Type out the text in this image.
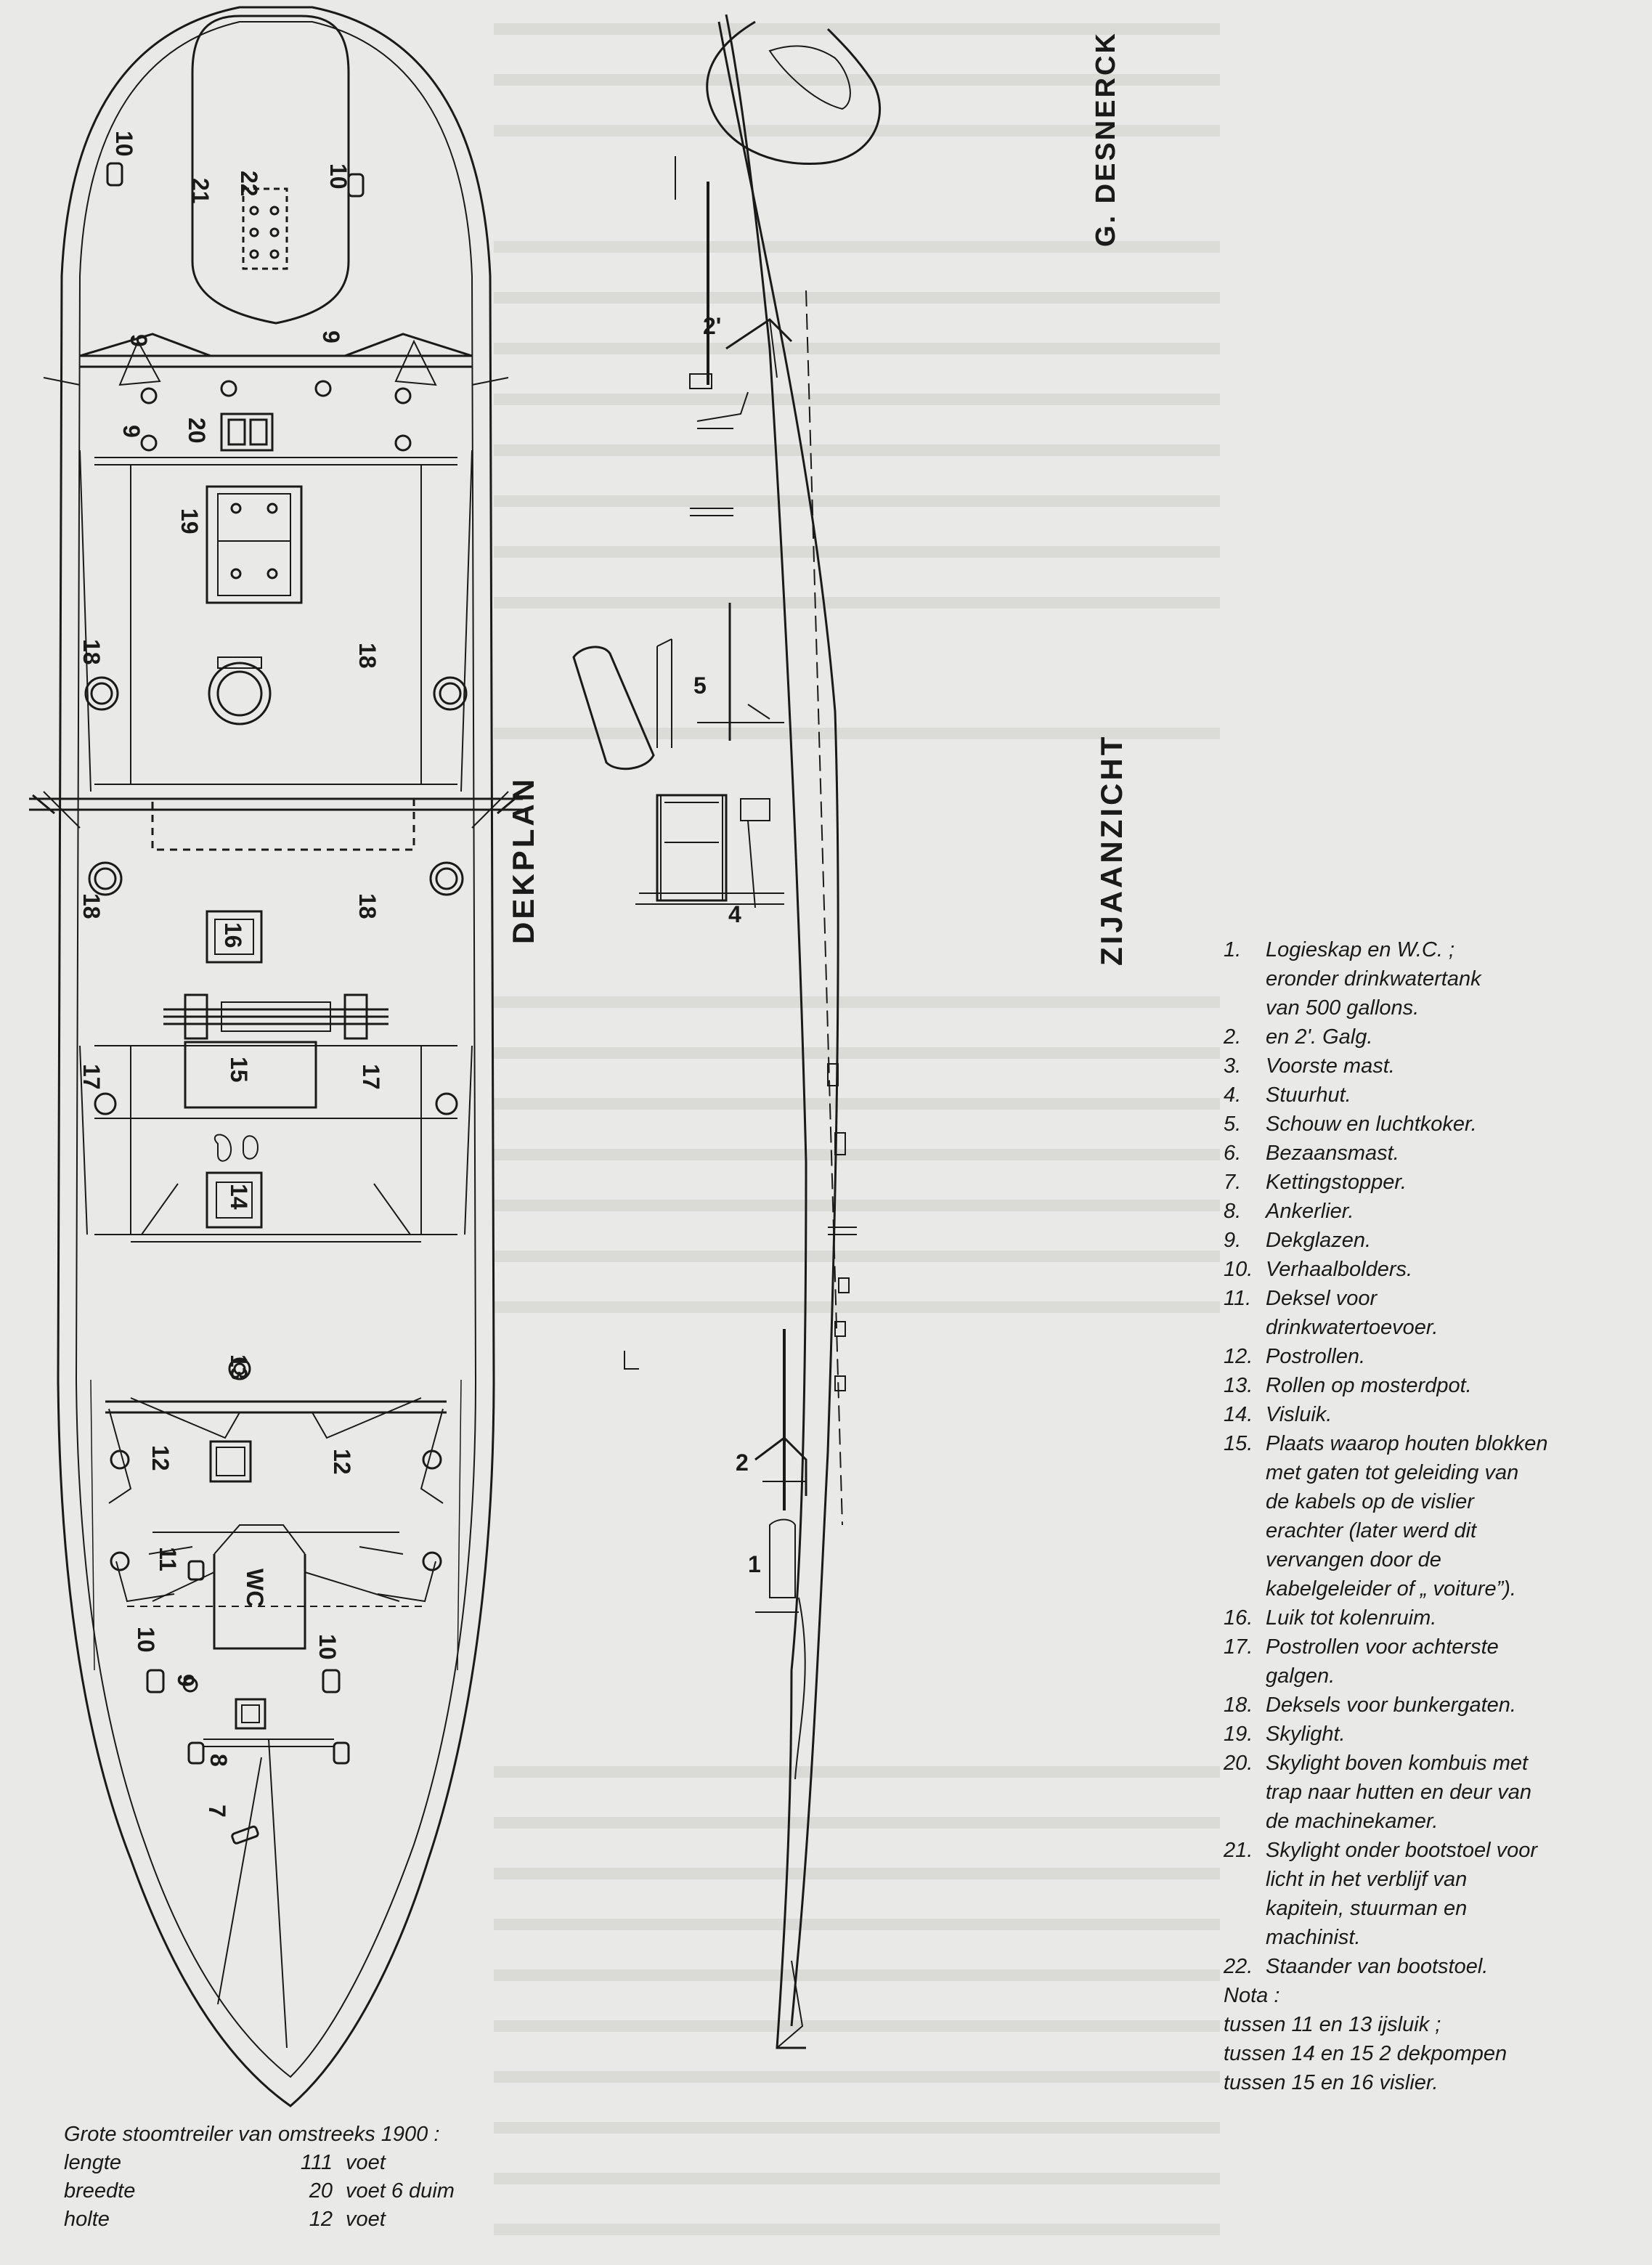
10
21 22	10
9	9
9 20
19
18	18
18	18
16
15
17	17
14
13
12	12
11
WC
10	10
9
8
7
2'
5
4
2
1
DEKPLAN	ZIJAANZICHT
G. DESNERCK
1.	Logieskap en W.C. ;
eronder drinkwatertank
van 500 gallons.
2.	en 2'. Galg.
3.	Voorste mast.
4.	Stuurhut.
5.	Schouw en luchtkoker.
6.	Bezaansmast.
7.	Kettingstopper.
8.	Ankerlier.
9.	Dekglazen.
10. Verhaalbolders.
11. Deksel voor
drinkwatertoevoer.
12. Postrollen.
13. Rollen op mosterdpot.
14. Visluik.
15. Plaats waarop houten blokken
met gaten tot geleiding van
de kabels op de vislier
erachter (later werd dit
vervangen door de
kabelgeleider of „ voiture”).
16. Luik tot kolenruim.
17. Postrollen voor achterste
galgen.
18. Deksels voor bunkergaten.
19. Skylight.
20. Skylight boven kombuis met
trap naar hutten en deur van
de machinekamer.
21. Skylight onder bootstoel voor
licht in het verblijf van
kapitein, stuurman en
machinist.
22. Staander van bootstoel.
Nota :
tussen 11 en 13 ijsluik ;
tussen 14 en 15 2 dekpompen
tussen 15 en 16 vislier.
Grote stoomtreiler van omstreeks 1900 :
lengte	111 voet
breedte	20 voet 6 duim
holte	12 voet
